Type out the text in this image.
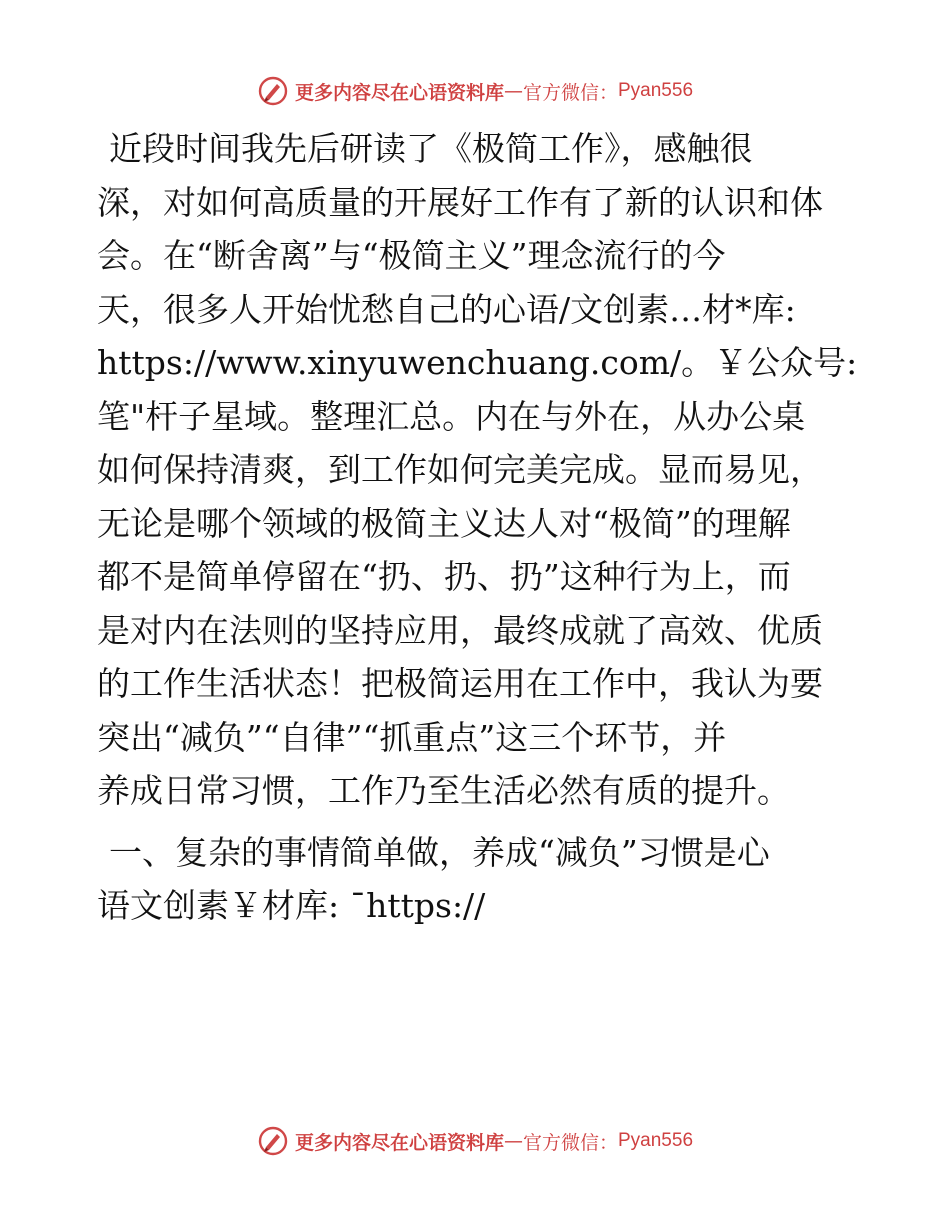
更多内容尽在心语资料库 — 官方微信： Pyan556
近段时间我先后研读了《极简工作》，感触很
深，对如何高质量的开展好工作有了新的认识和体
会。在“断舍离”与“极简主义”理念流行的今
天，很多人开始忧愁自己的心语/文创素…材*库:
https://www.xinyuwenchuang.com/。￥公众号:
笔"杆子星域。整理汇总。内在与外在，从办公桌
如何保持清爽，到工作如何完美完成。显而易见，
无论是哪个领域的极简主义达人对“极简”的理解
都不是简单停留在“扔、扔、扔”这种行为上，而
是对内在法则的坚持应用，最终成就了高效、优质
的工作生活状态！把极简运用在工作中，我认为要
突出“减负”“自律”“抓重点”这三个环节，并
养成日常习惯，工作乃至生活必然有质的提升。
一、复杂的事情简单做，养成“减负”习惯是心
语文创素￥材库: ¯https://
更多内容尽在心语资料库 — 官方微信： Pyan556
